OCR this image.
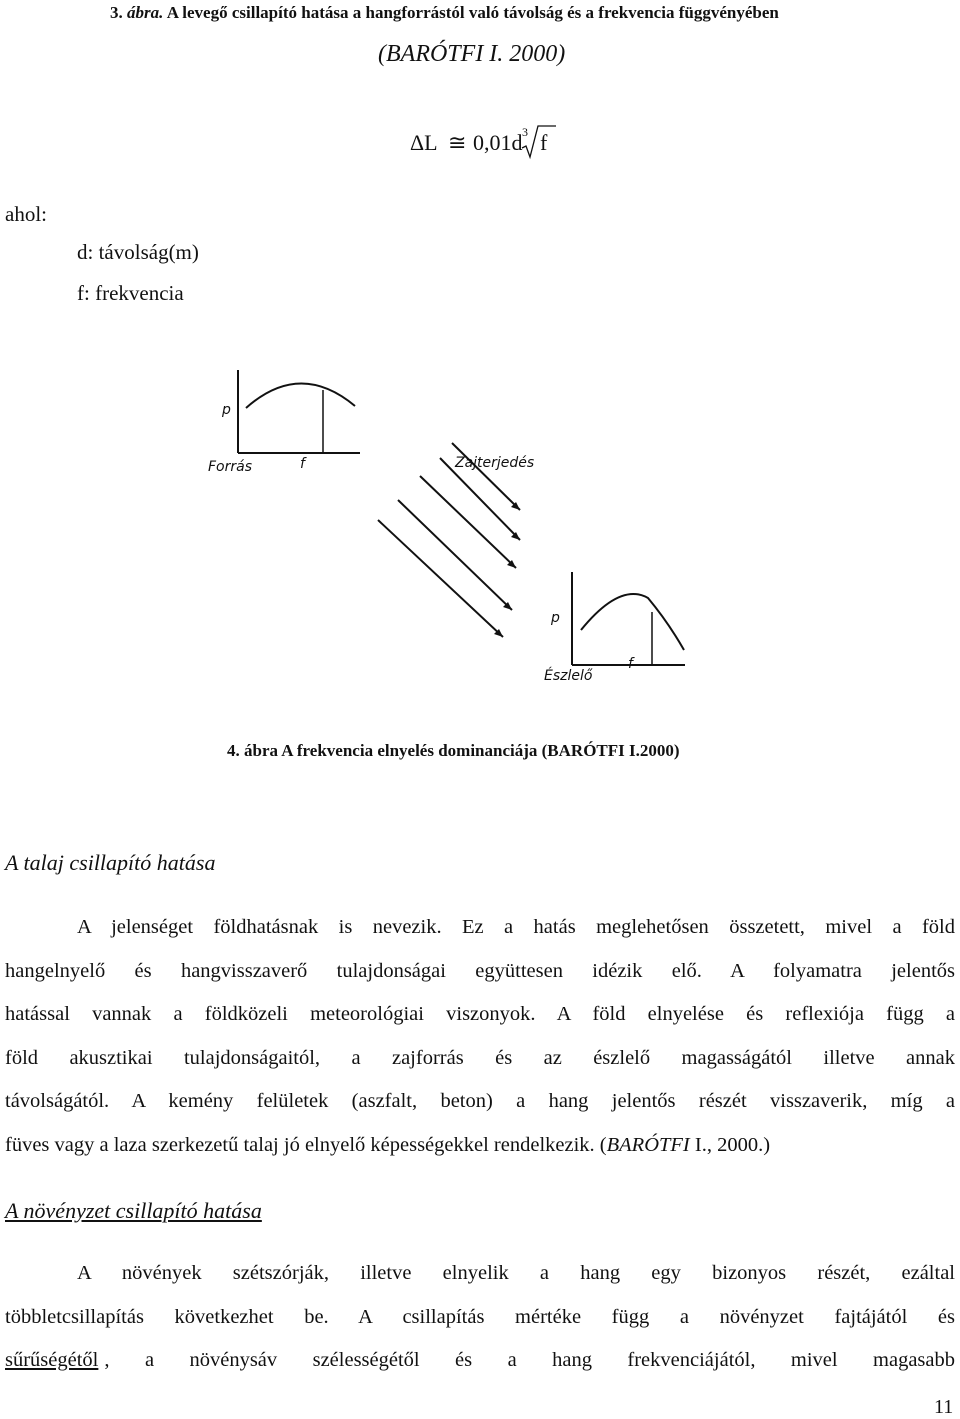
3. ábra. A levegő csillapító hatása a hangforrástól való távolság és a frekvencia függvényében
(BARÓTFI I. 2000)
ΔL ≅ 0,01d 3 f
ahol:
d: távolság(m)
f: frekvencia
p
f
Forrás	Zajterjedés
p
f
Észlelő
4. ábra A frekvencia elnyelés dominanciája (BARÓTFI I.2000)
A talaj csillapító hatása
A jelenséget földhatásnak is nevezik. Ez a hatás meglehetősen összetett, mivel a föld
hangelnyelő és hangvisszaverő tulajdonságai együttesen idézik elő. A folyamatra jelentős
hatással vannak a földközeli meteorológiai viszonyok. A föld elnyelése és reflexiója függ a
föld akusztikai tulajdonságaitól, a zajforrás és az észlelő magasságától illetve annak
távolságától. A kemény felületek (aszfalt, beton) a hang jelentős részét visszaverik, míg a
füves vagy a laza szerkezetű talaj jó elnyelő képességekkel rendelkezik. (BARÓTFI I., 2000.)
A növényzet csillapító hatása
A növények szétszórják, illetve elnyelik a hang egy bizonyos részét, ezáltal
többletcsillapítás következhet be. A csillapítás mértéke függ a növényzet fajtájától és
sűrűségétől , a növénysáv szélességétől és a hang frekvenciájától, mivel magasabb
11
